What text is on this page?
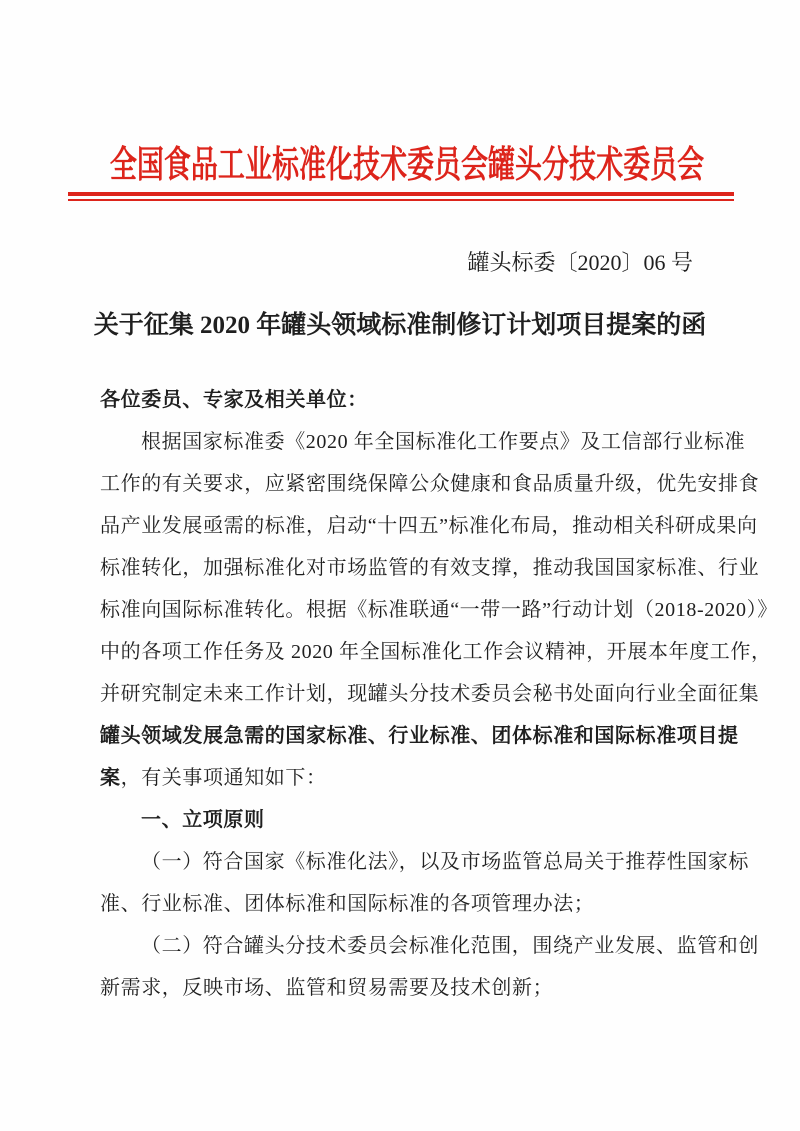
全国食品工业标准化技术委员会罐头分技术委员会
罐头标委〔2020〕06 号
关于征集 2020 年罐头领域标准制修订计划项目提案的函
各位委员、专家及相关单位：
根据国家标准委《2020 年全国标准化工作要点》及工信部行业标准
工作的有关要求，应紧密围绕保障公众健康和食品质量升级，优先安排食
品产业发展亟需的标准，启动“十四五”标准化布局，推动相关科研成果向
标准转化，加强标准化对市场监管的有效支撑，推动我国国家标准、行业
标准向国际标准转化。根据《标准联通“一带一路”行动计划（2018-2020）》
中的各项工作任务及 2020 年全国标准化工作会议精神，开展本年度工作，
并研究制定未来工作计划，现罐头分技术委员会秘书处面向行业全面征集
罐头领域发展急需的国家标准、行业标准、团体标准和国际标准项目提
案，有关事项通知如下：
一、立项原则
（一）符合国家《标准化法》，以及市场监管总局关于推荐性国家标
准、行业标准、团体标准和国际标准的各项管理办法；
（二）符合罐头分技术委员会标准化范围，围绕产业发展、监管和创
新需求，反映市场、监管和贸易需要及技术创新；
